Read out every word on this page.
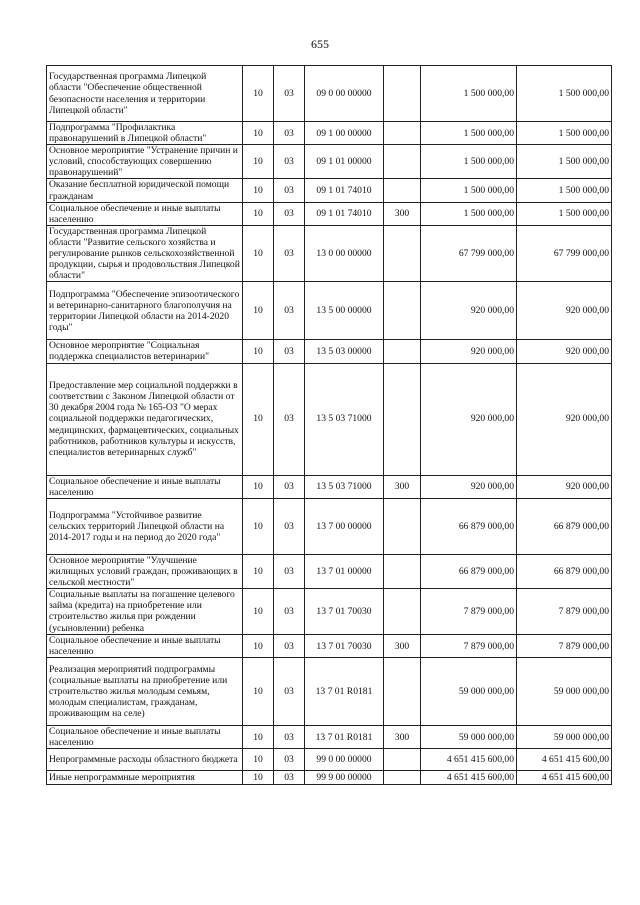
655
Государственная программа Липецкой области "Обеспечение общественной безопасности населения и территории Липецкой области"	10	03	09 0 00 00000		1 500 000,00	1 500 000,00
Подпрограмма "Профилактика правонарушений в Липецкой области"	10	03	09 1 00 00000		1 500 000,00	1 500 000,00
Основное мероприятие "Устранение причин и условий, способствующих совершению правонарушений"	10	03	09 1 01 00000		1 500 000,00	1 500 000,00
Оказание бесплатной юридической помощи гражданам	10	03	09 1 01 74010		1 500 000,00	1 500 000,00
Социальное обеспечение и иные выплаты населению	10	03	09 1 01 74010	300	1 500 000,00	1 500 000,00
Государственная программа Липецкой области "Развитие сельского хозяйства и регулирование рынков сельскохозяйственной продукции, сырья и продовольствия Липецкой области"	10	03	13 0 00 00000		67 799 000,00	67 799 000,00
Подпрограмма "Обеспечение эпизоотического и ветеринарно-санитарного благополучия на территории Липецкой области на 2014-2020 годы"	10	03	13 5 00 00000		920 000,00	920 000,00
Основное мероприятие "Социальная поддержка специалистов ветеринарии"	10	03	13 5 03 00000		920 000,00	920 000,00
Предоставление мер социальной поддержки в соответствии с Законом Липецкой области от 30 декабря 2004 года № 165-ОЗ "О мерах социальной поддержки педагогических, медицинских, фармацевтических, социальных работников, работников культуры и искусств, специалистов ветеринарных служб"	10	03	13 5 03 71000		920 000,00	920 000,00
Социальное обеспечение и иные выплаты населению	10	03	13 5 03 71000	300	920 000,00	920 000,00
Подпрограмма "Устойчивое развитие сельских территорий Липецкой области на 2014-2017 годы и на период до 2020 года"	10	03	13 7 00 00000		66 879 000,00	66 879 000,00
Основное мероприятие "Улучшение жилищных условий граждан, проживающих в сельской местности"	10	03	13 7 01 00000		66 879 000,00	66 879 000,00
Социальные выплаты на погашение целевого займа (кредита) на приобретение или строительство жилья при рождении (усыновлении) ребенка	10	03	13 7 01 70030		7 879 000,00	7 879 000,00
Социальное обеспечение и иные выплаты населению	10	03	13 7 01 70030	300	7 879 000,00	7 879 000,00
Реализация мероприятий подпрограммы (социальные выплаты на приобретение или строительство жилья молодым семьям, молодым специалистам, гражданам, проживающим на селе)	10	03	13 7 01 R0181		59 000 000,00	59 000 000,00
Социальное обеспечение и иные выплаты населению	10	03	13 7 01 R0181	300	59 000 000,00	59 000 000,00
Непрограммные расходы областного бюджета	10	03	99 0 00 00000		4 651 415 600,00	4 651 415 600,00
Иные непрограммные мероприятия	10	03	99 9 00 00000		4 651 415 600,00	4 651 415 600,00
